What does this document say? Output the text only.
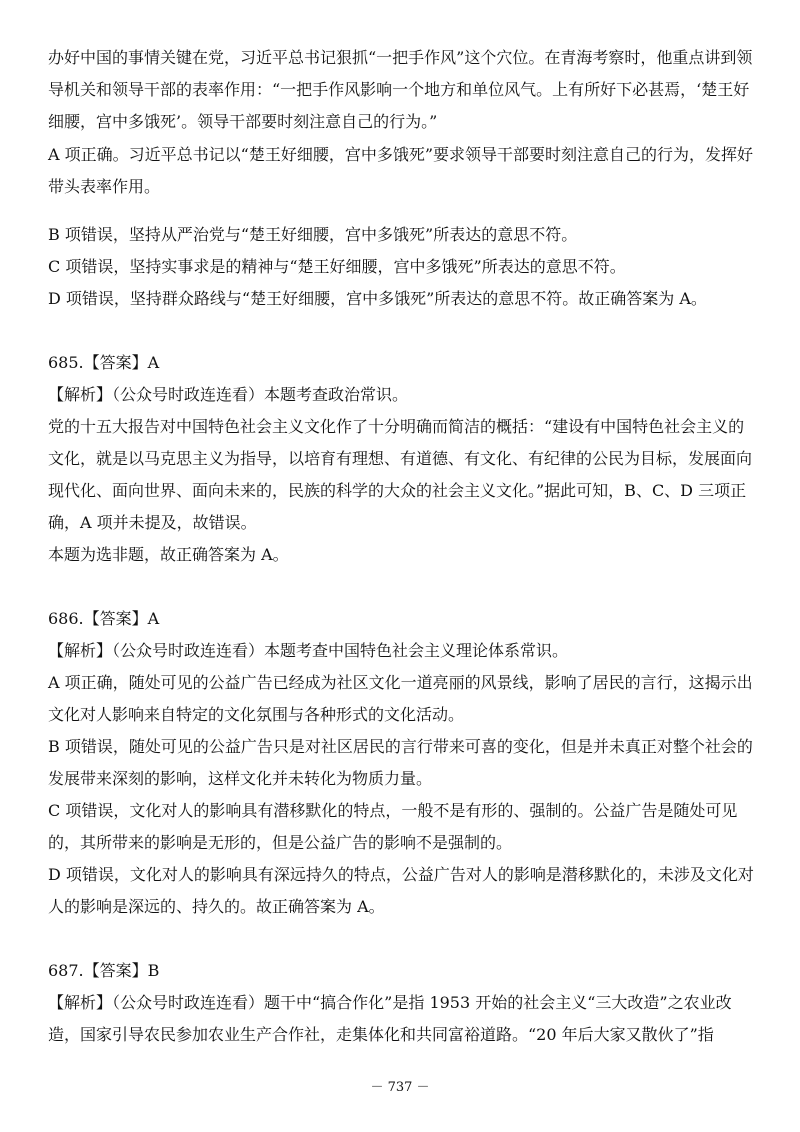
办好中国的事情关键在党，习近平总书记狠抓“一把手作风”这个穴位。在青海考察时，他重点讲到领导机关和领导干部的表率作用：“一把手作风影响一个地方和单位风气。上有所好下必甚焉，‘楚王好细腰，宫中多饿死’。领导干部要时刻注意自己的行为。”

A 项正确。习近平总书记以“楚王好细腰，宫中多饿死”要求领导干部要时刻注意自己的行为，发挥好带头表率作用。

B 项错误，坚持从严治党与“楚王好细腰，宫中多饿死”所表达的意思不符。

C 项错误，坚持实事求是的精神与“楚王好细腰，宫中多饿死”所表达的意思不符。

D 项错误，坚持群众路线与“楚王好细腰，宫中多饿死”所表达的意思不符。故正确答案为 A。

685.【答案】A

【解析】（公众号时政连连看）本题考查政治常识。

党的十五大报告对中国特色社会主义文化作了十分明确而简洁的概括：“建设有中国特色社会主义的文化，就是以马克思主义为指导，以培育有理想、有道德、有文化、有纪律的公民为目标，发展面向现代化、面向世界、面向未来的，民族的科学的大众的社会主义文化。”据此可知，B、C、D 三项正确，A 项并未提及，故错误。

本题为选非题，故正确答案为 A。

686.【答案】A

【解析】（公众号时政连连看）本题考查中国特色社会主义理论体系常识。

A 项正确，随处可见的公益广告已经成为社区文化一道亮丽的风景线，影响了居民的言行，这揭示出文化对人影响来自特定的文化氛围与各种形式的文化活动。

B 项错误，随处可见的公益广告只是对社区居民的言行带来可喜的变化，但是并未真正对整个社会的发展带来深刻的影响，这样文化并未转化为物质力量。

C 项错误，文化对人的影响具有潜移默化的特点，一般不是有形的、强制的。公益广告是随处可见的，其所带来的影响是无形的，但是公益广告的影响不是强制的。

D 项错误，文化对人的影响具有深远持久的特点，公益广告对人的影响是潜移默化的，未涉及文化对人的影响是深远的、持久的。故正确答案为 A。

687.【答案】B

【解析】（公众号时政连连看）题干中“搞合作化”是指 1953 开始的社会主义“三大改造”之农业改造，国家引导农民参加农业生产合作社，走集体化和共同富裕道路。“20 年后大家又散伙了”指

－ 737 －
